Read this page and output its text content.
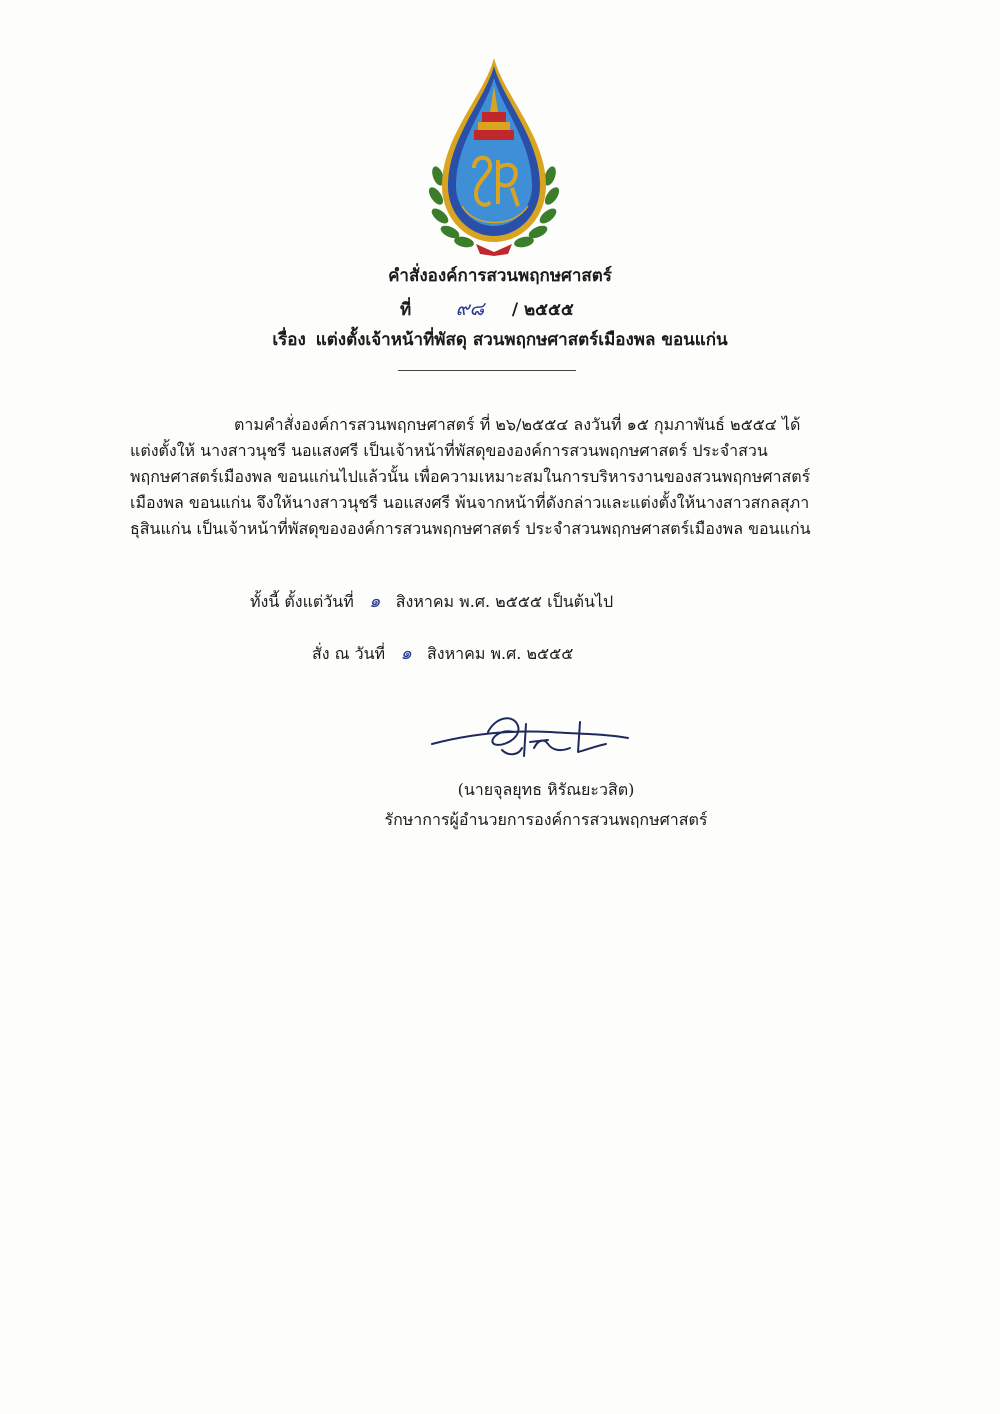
คำสั่งองค์การสวนพฤกษศาสตร์
ที่ ๙๘ / ๒๕๕๕
เรื่อง แต่งตั้งเจ้าหน้าที่พัสดุ สวนพฤกษศาสตร์เมืองพล ขอนแก่น
ตามคำสั่งองค์การสวนพฤกษศาสตร์ ที่ ๒๖/๒๕๕๔ ลงวันที่ ๑๕ กุมภาพันธ์ ๒๕๕๔ ได้
แต่งตั้งให้ นางสาวนุชรี นอแสงศรี เป็นเจ้าหน้าที่พัสดุขององค์การสวนพฤกษศาสตร์ ประจำสวน
พฤกษศาสตร์เมืองพล ขอนแก่นไปแล้วนั้น เพื่อความเหมาะสมในการบริหารงานของสวนพฤกษศาสตร์
เมืองพล ขอนแก่น จึงให้นางสาวนุชรี นอแสงศรี พ้นจากหน้าที่ดังกล่าวและแต่งตั้งให้นางสาวสกลสุภา
ธุสินแก่น เป็นเจ้าหน้าที่พัสดุขององค์การสวนพฤกษศาสตร์ ประจำสวนพฤกษศาสตร์เมืองพล ขอนแก่น
ทั้งนี้ ตั้งแต่วันที่ ๑ สิงหาคม พ.ศ. ๒๕๕๕ เป็นต้นไป
สั่ง ณ วันที่ ๑ สิงหาคม พ.ศ. ๒๕๕๕
(นายจุลยุทธ หิรัณยะวสิต)
รักษาการผู้อำนวยการองค์การสวนพฤกษศาสตร์
